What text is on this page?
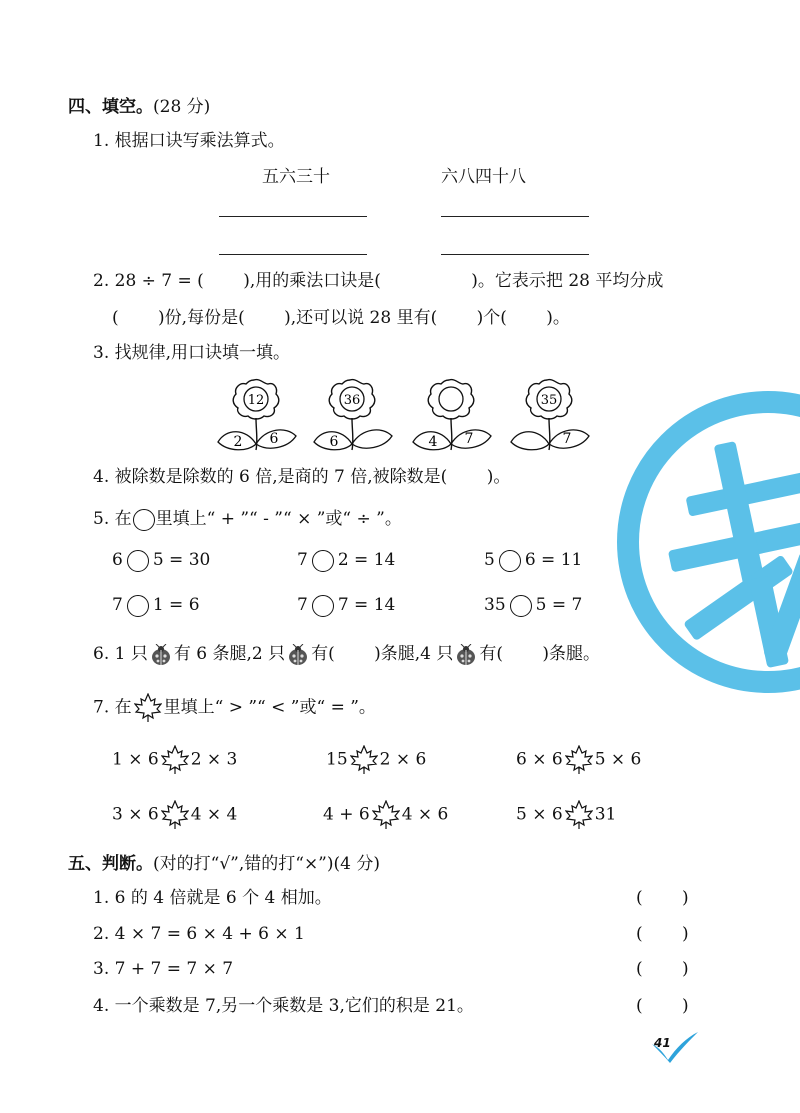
四、填空。(28 分)
1. 根据口诀写乘法算式。
五六三十	六八四十八
2. 28 ÷ 7 = (　　 ),用的乘法口诀是(　　　　　 )。它表示把 28 平均分成
(　　 )份,每份是(　　 ),还可以说 28 里有(　　 )个(　　 )。
3. 找规律,用口诀填一填。
12
2 6
36
6	4 7
35
7
4. 被除数是除数的 6 倍,是商的 7 倍,被除数是(　　 )。
5. 在 里填上“ + ”“ - ”“ × ”或“ ÷ ”。
6 5 = 30	7 2 = 14	5 6 = 11
7 1 = 6	7 7 = 14	35 5 = 7
6. 1 只 有 6 条腿,2 只 有(　　 )条腿,4 只 有(　　 )条腿。
7. 在 里填上“ > ”“ < ”或“ = ”。
1 × 6 2 × 3	15 2 × 6	6 × 6 5 × 6
3 × 6 4 × 4	4 + 6 4 × 6	5 × 6 31
五、判断。(对的打“√”,错的打“×”)(4 分)
1. 6 的 4 倍就是 6 个 4 相加。	(　　 )
2. 4 × 7 = 6 × 4 + 6 × 1	(　　 )
3. 7 + 7 = 7 × 7	(　　 )
4. 一个乘数是 7,另一个乘数是 3,它们的积是 21。	(　　 )
41
